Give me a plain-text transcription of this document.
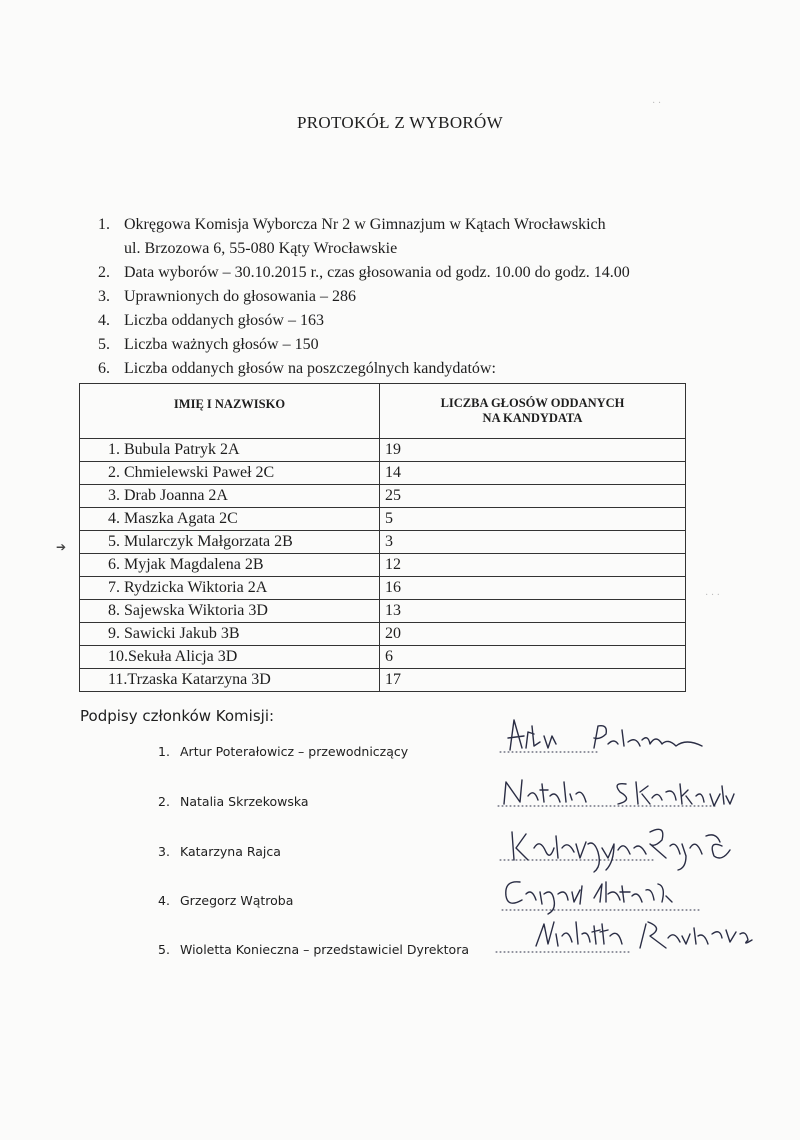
PROTOKÓŁ Z WYBORÓW
1. Okręgowa Komisja Wyborcza Nr 2 w Gimnazjum w Kątach Wrocławskich
ul. Brzozowa 6, 55-080 Kąty Wrocławskie
2. Data wyborów – 30.10.2015 r., czas głosowania od godz. 10.00 do godz. 14.00
3. Uprawnionych do głosowania – 286
4. Liczba oddanych głosów – 163
5. Liczba ważnych głosów – 150
6. Liczba oddanych głosów na poszczególnych kandydatów:
IMIĘ I NAZWISKO	LICZBA GŁOSÓW ODDANYCH
NA KANDYDATA
1. Bubula Patryk 2A	19
2. Chmielewski Paweł 2C	14
3. Drab Joanna 2A	25
4. Maszka Agata 2C	5
5. Mularczyk Małgorzata 2B	3
6. Myjak Magdalena 2B	12
7. Rydzicka Wiktoria 2A	16
8. Sajewska Wiktoria 3D	13
9. Sawicki Jakub 3B	20
10.Sekuła Alicja 3D	6
11.Trzaska Katarzyna 3D	17
Podpisy członków Komisji:
1. Artur Poterałowicz – przewodniczący
2. Natalia Skrzekowska
3. Katarzyna Rajca
4. Grzegorz Wątroba
5. Wioletta Konieczna – przedstawiciel Dyrektora
➔
· · ·
· ·
